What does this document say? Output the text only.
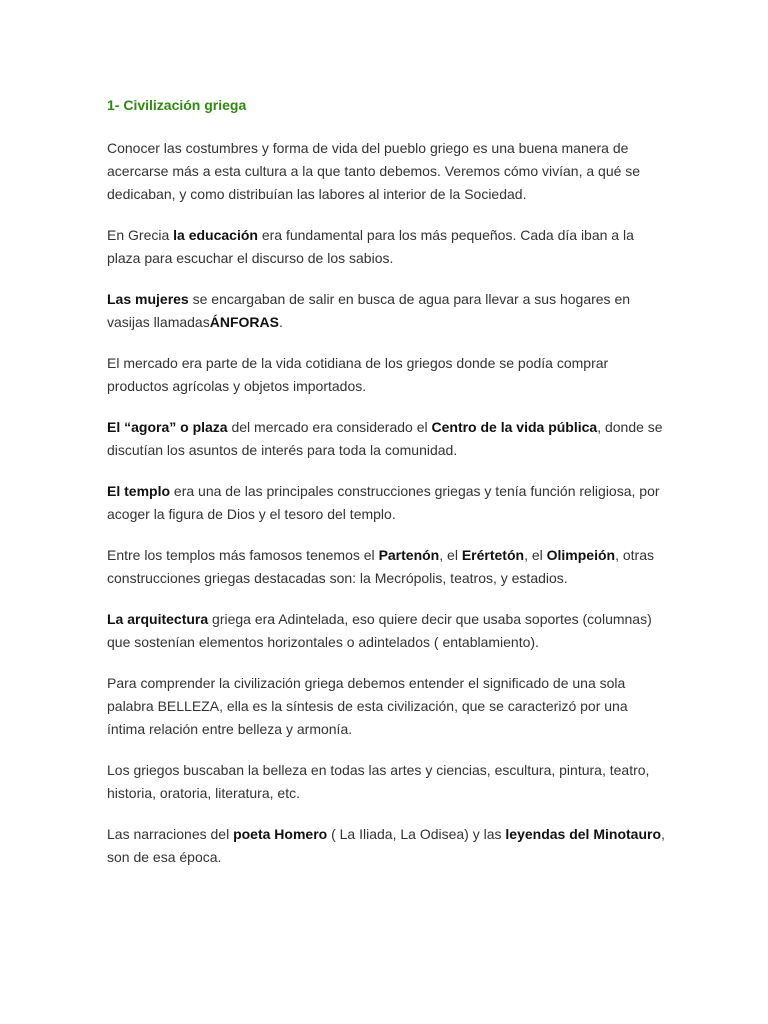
1- Civilización griega

Conocer las costumbres y forma de vida del pueblo griego es una buena manera de acercarse más a esta cultura a la que tanto debemos. Veremos cómo vivían, a qué se dedicaban, y como distribuían las labores al interior de la Sociedad.

En Grecia la educación era fundamental para los más pequeños. Cada día iban a la plaza para escuchar el discurso de los sabios.

Las mujeres se encargaban de salir en busca de agua para llevar a sus hogares en vasijas llamadasÁNFORAS.

El mercado era parte de la vida cotidiana de los griegos donde se podía comprar productos agrícolas y objetos importados.

El “agora” o plaza del mercado era considerado el Centro de la vida pública, donde se discutían los asuntos de interés para toda la comunidad.

El templo era una de las principales construcciones griegas y tenía función religiosa, por acoger la figura de Dios y el tesoro del templo.

Entre los templos más famosos tenemos el Partenón, el Erértetón, el Olimpeión, otras construcciones griegas destacadas son: la Mecrópolis, teatros, y estadios.

La arquitectura griega era Adintelada, eso quiere decir que usaba soportes (columnas) que sostenían elementos horizontales o adintelados ( entablamiento).

Para comprender la civilización griega debemos entender el significado de una sola palabra BELLEZA, ella es la síntesis de esta civilización, que se caracterizó por una íntima relación entre belleza y armonía.

Los griegos buscaban la belleza en todas las artes y ciencias, escultura, pintura, teatro, historia, oratoria, literatura, etc.

Las narraciones del poeta Homero ( La Iliada, La Odisea) y las leyendas del Minotauro, son de esa época.
